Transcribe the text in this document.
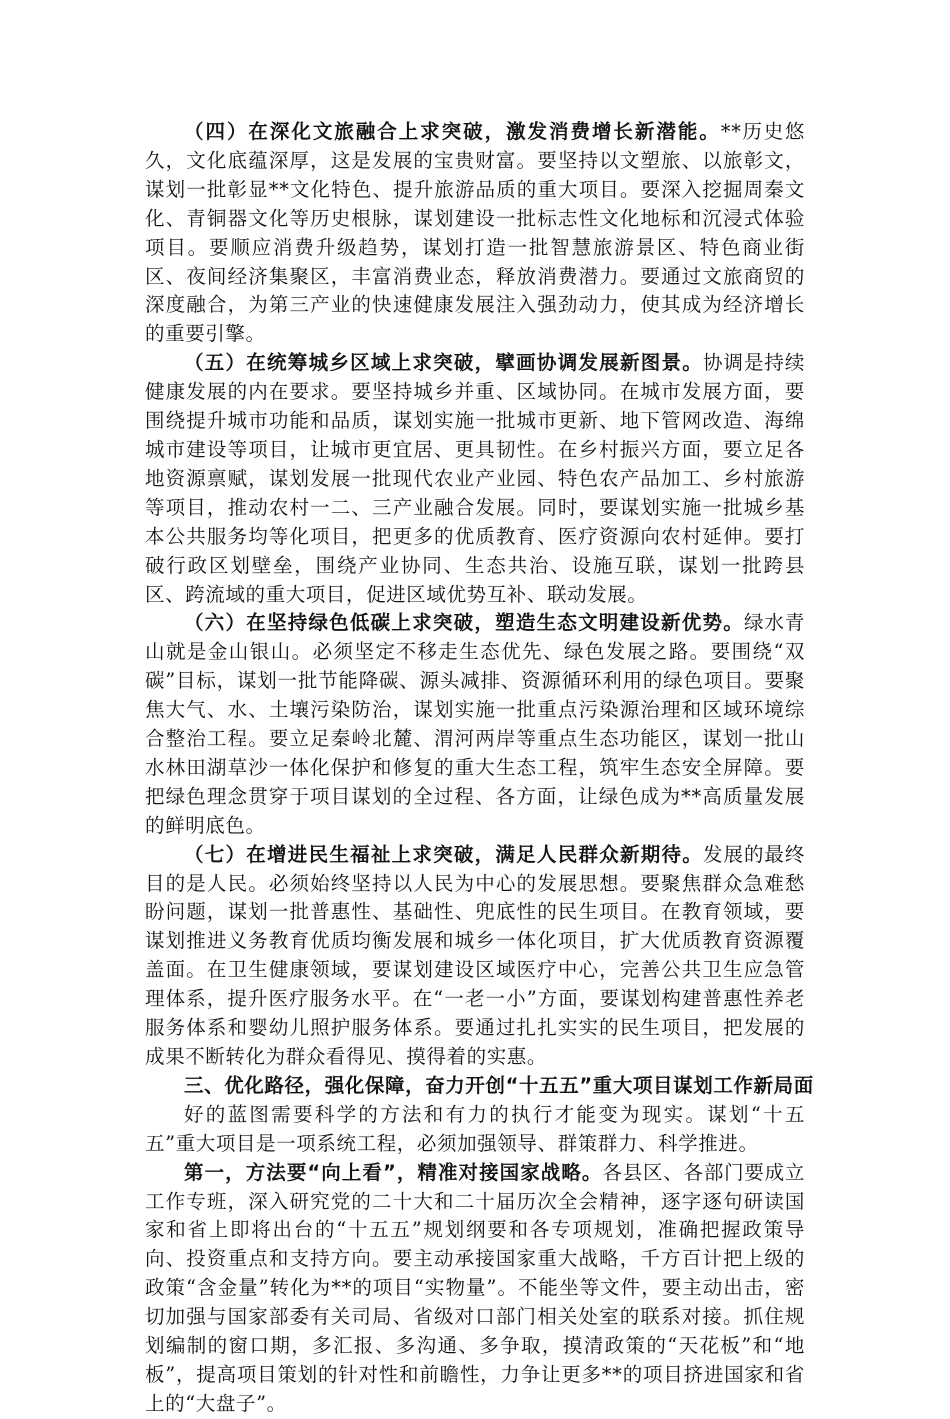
（四）在深化文旅融合上求突破，激发消费增长新潜能。**历史悠久，文化底蕴深厚，这是发展的宝贵财富。要坚持以文塑旅、以旅彰文，谋划一批彰显**文化特色、提升旅游品质的重大项目。要深入挖掘周秦文化、青铜器文化等历史根脉，谋划建设一批标志性文化地标和沉浸式体验项目。要顺应消费升级趋势，谋划打造一批智慧旅游景区、特色商业街区、夜间经济集聚区，丰富消费业态，释放消费潜力。要通过文旅商贸的深度融合，为第三产业的快速健康发展注入强劲动力，使其成为经济增长的重要引擎。

（五）在统筹城乡区域上求突破，擘画协调发展新图景。协调是持续健康发展的内在要求。要坚持城乡并重、区域协同。在城市发展方面，要围绕提升城市功能和品质，谋划实施一批城市更新、地下管网改造、海绵城市建设等项目，让城市更宜居、更具韧性。在乡村振兴方面，要立足各地资源禀赋，谋划发展一批现代农业产业园、特色农产品加工、乡村旅游等项目，推动农村一二、三产业融合发展。同时，要谋划实施一批城乡基本公共服务均等化项目，把更多的优质教育、医疗资源向农村延伸。要打破行政区划壁垒，围绕产业协同、生态共治、设施互联，谋划一批跨县区、跨流域的重大项目，促进区域优势互补、联动发展。

（六）在坚持绿色低碳上求突破，塑造生态文明建设新优势。绿水青山就是金山银山。必须坚定不移走生态优先、绿色发展之路。要围绕“双碳”目标，谋划一批节能降碳、源头减排、资源循环利用的绿色项目。要聚焦大气、水、土壤污染防治，谋划实施一批重点污染源治理和区域环境综合整治工程。要立足秦岭北麓、渭河两岸等重点生态功能区，谋划一批山水林田湖草沙一体化保护和修复的重大生态工程，筑牢生态安全屏障。要把绿色理念贯穿于项目谋划的全过程、各方面，让绿色成为**高质量发展的鲜明底色。

（七）在增进民生福祉上求突破，满足人民群众新期待。发展的最终目的是人民。必须始终坚持以人民为中心的发展思想。要聚焦群众急难愁盼问题，谋划一批普惠性、基础性、兜底性的民生项目。在教育领域，要谋划推进义务教育优质均衡发展和城乡一体化项目，扩大优质教育资源覆盖面。在卫生健康领域，要谋划建设区域医疗中心，完善公共卫生应急管理体系，提升医疗服务水平。在“一老一小”方面，要谋划构建普惠性养老服务体系和婴幼儿照护服务体系。要通过扎扎实实的民生项目，把发展的成果不断转化为群众看得见、摸得着的实惠。

三、优化路径，强化保障，奋力开创“十五五”重大项目谋划工作新局面

好的蓝图需要科学的方法和有力的执行才能变为现实。谋划“十五五”重大项目是一项系统工程，必须加强领导、群策群力、科学推进。

第一，方法要“向上看”，精准对接国家战略。各县区、各部门要成立工作专班，深入研究党的二十大和二十届历次全会精神，逐字逐句研读国家和省上即将出台的“十五五”规划纲要和各专项规划，准确把握政策导向、投资重点和支持方向。要主动承接国家重大战略，千方百计把上级的政策“含金量”转化为**的项目“实物量”。不能坐等文件，要主动出击，密切加强与国家部委有关司局、省级对口部门相关处室的联系对接。抓住规划编制的窗口期，多汇报、多沟通、多争取，摸清政策的“天花板”和“地板”，提高项目策划的针对性和前瞻性，力争让更多**的项目挤进国家和省上的“大盘子”。
